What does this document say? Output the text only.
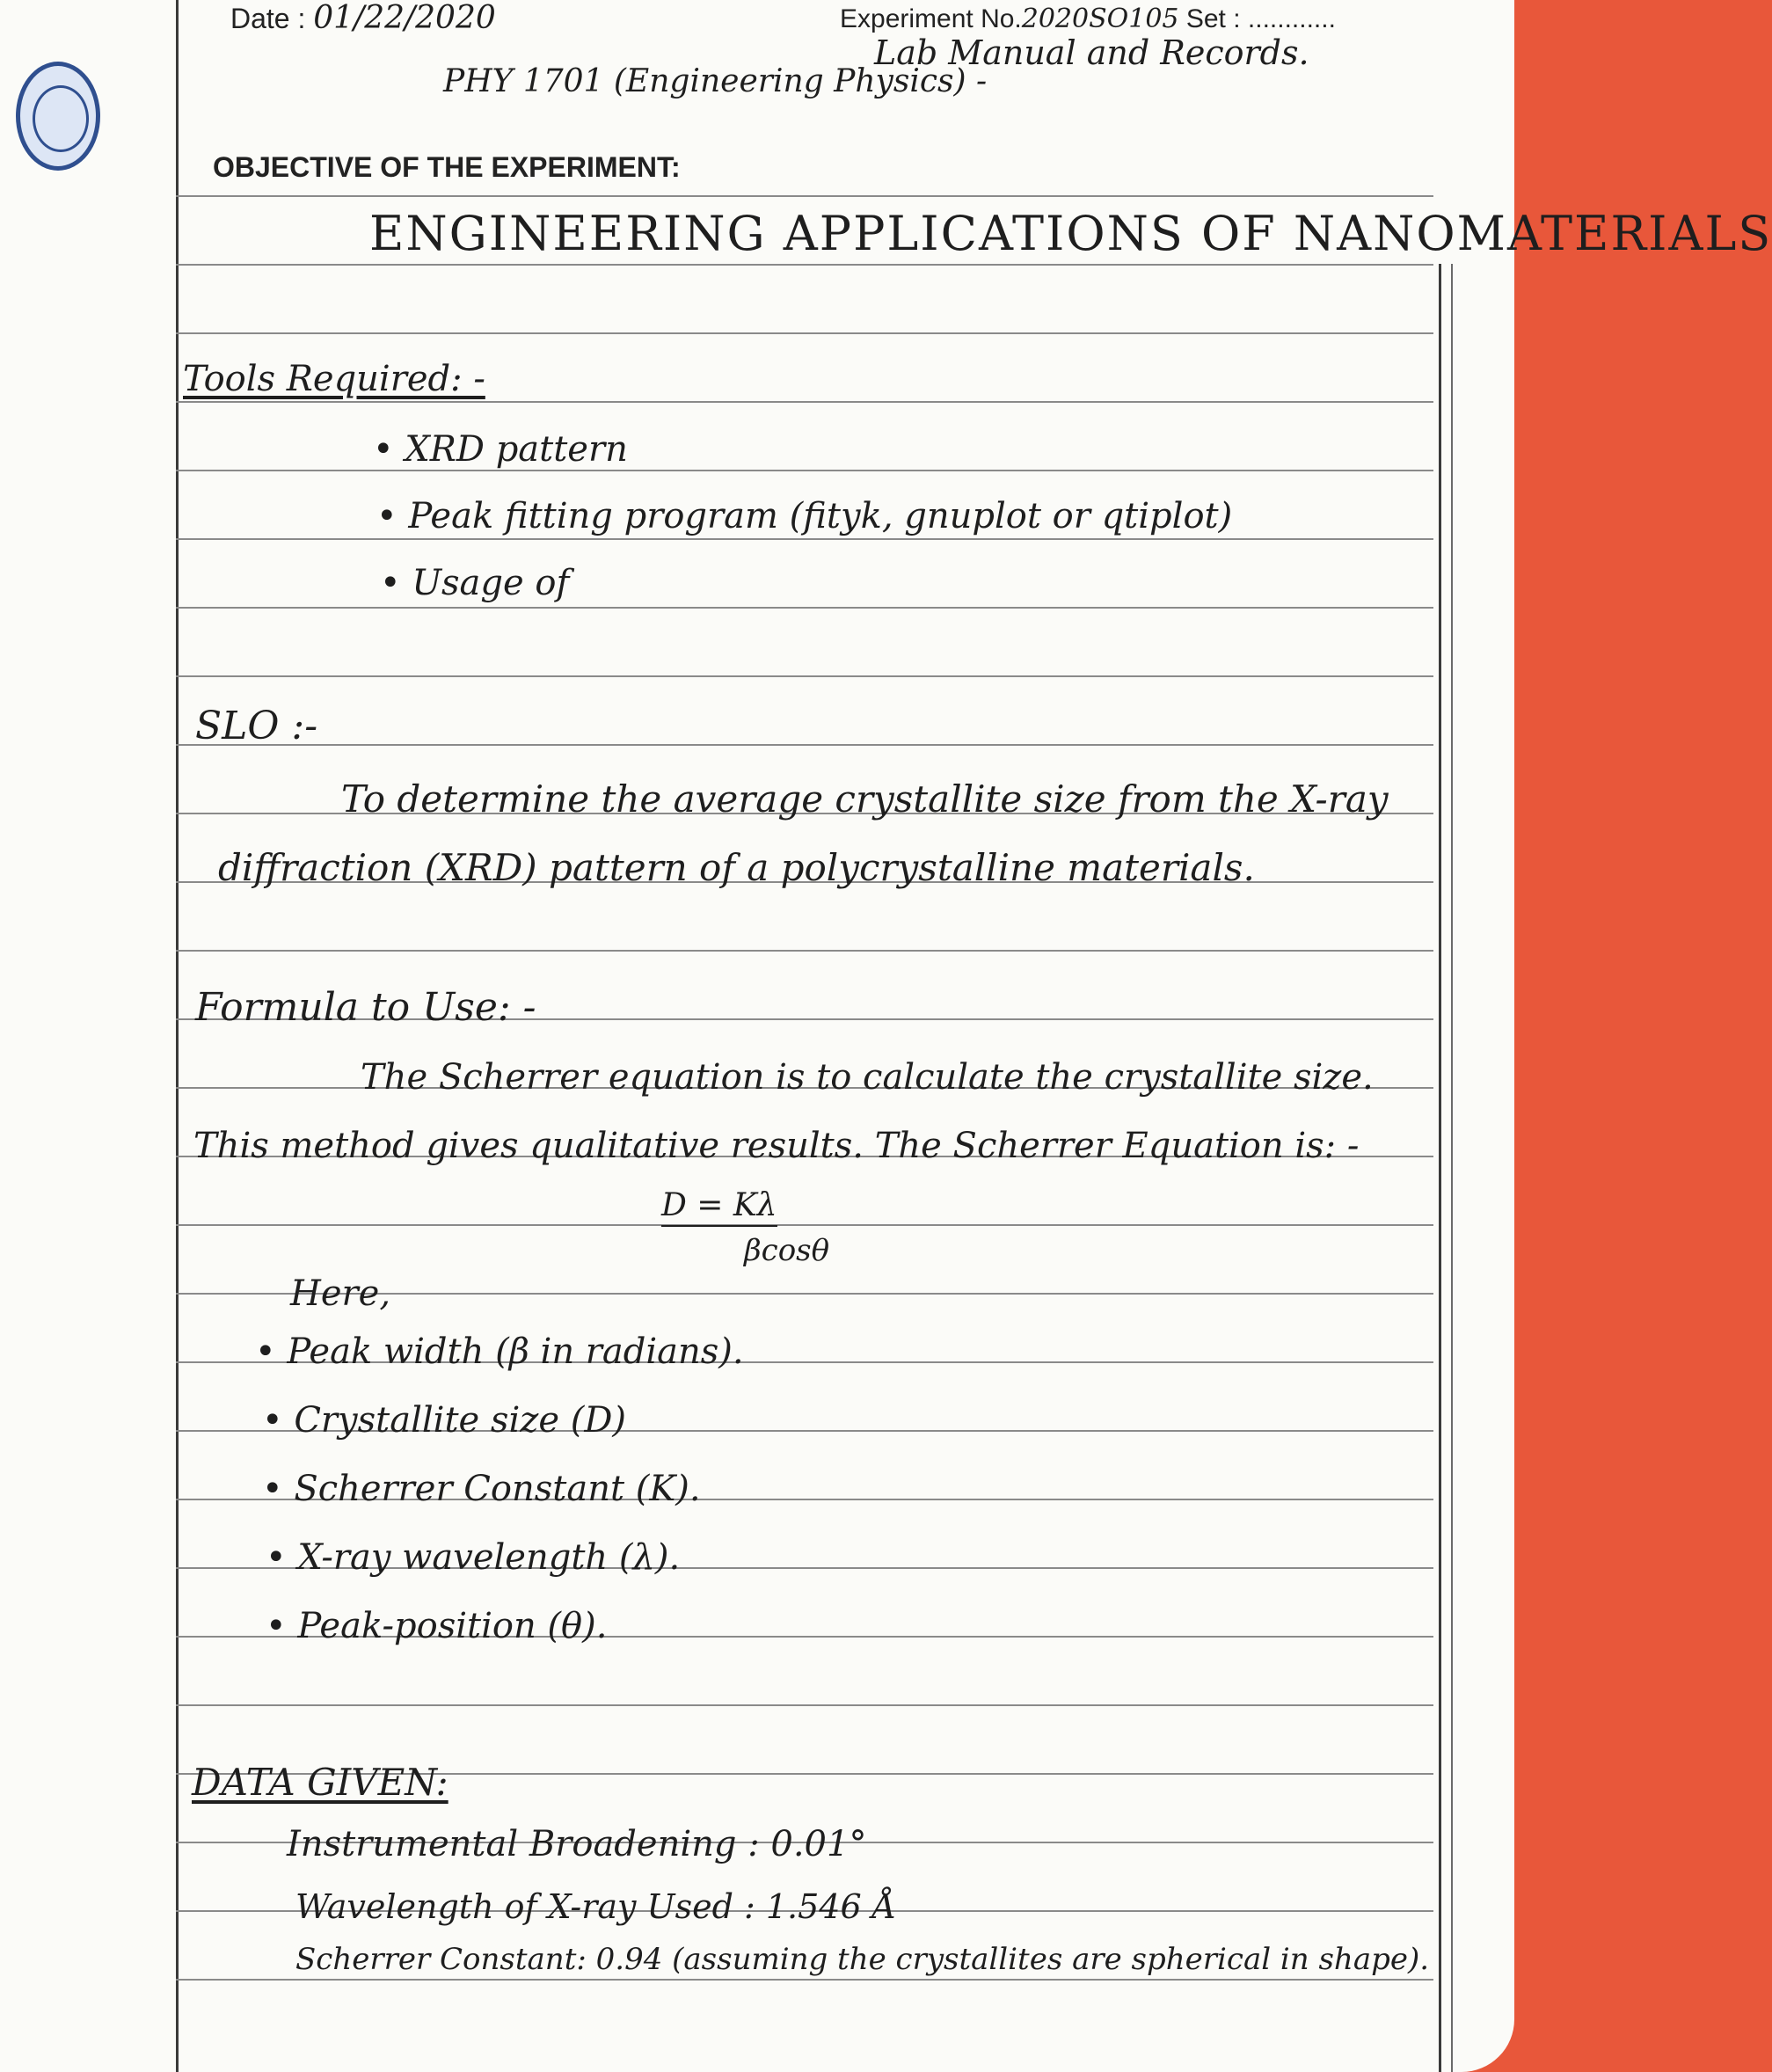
Date : 01/22/2020	Experiment No.2020SO105 Set : ............
Lab Manual and Records.
PHY 1701 (Engineering Physics) -
OBJECTIVE OF THE EXPERIMENT:
ENGINEERING APPLICATIONS OF NANOMATERIALS
Tools Required: -
• XRD pattern
• Peak fitting program (fityk, gnuplot or qtiplot)
• Usage of
SLO :-
To determine the average crystallite size from the X-ray
diffraction (XRD) pattern of a polycrystalline materials.
Formula to Use: -
The Scherrer equation is to calculate the crystallite size.
This method gives qualitative results. The Scherrer Equation is: -
D = Kλ
βcosθ
Here,
• Peak width (β in radians).
• Crystallite size (D)
• Scherrer Constant (K).
• X-ray wavelength (λ).
• Peak-position (θ).
DATA GIVEN:
Instrumental Broadening : 0.01°
Wavelength of X-ray Used : 1.546 Å
Scherrer Constant: 0.94 (assuming the crystallites are spherical in shape).
